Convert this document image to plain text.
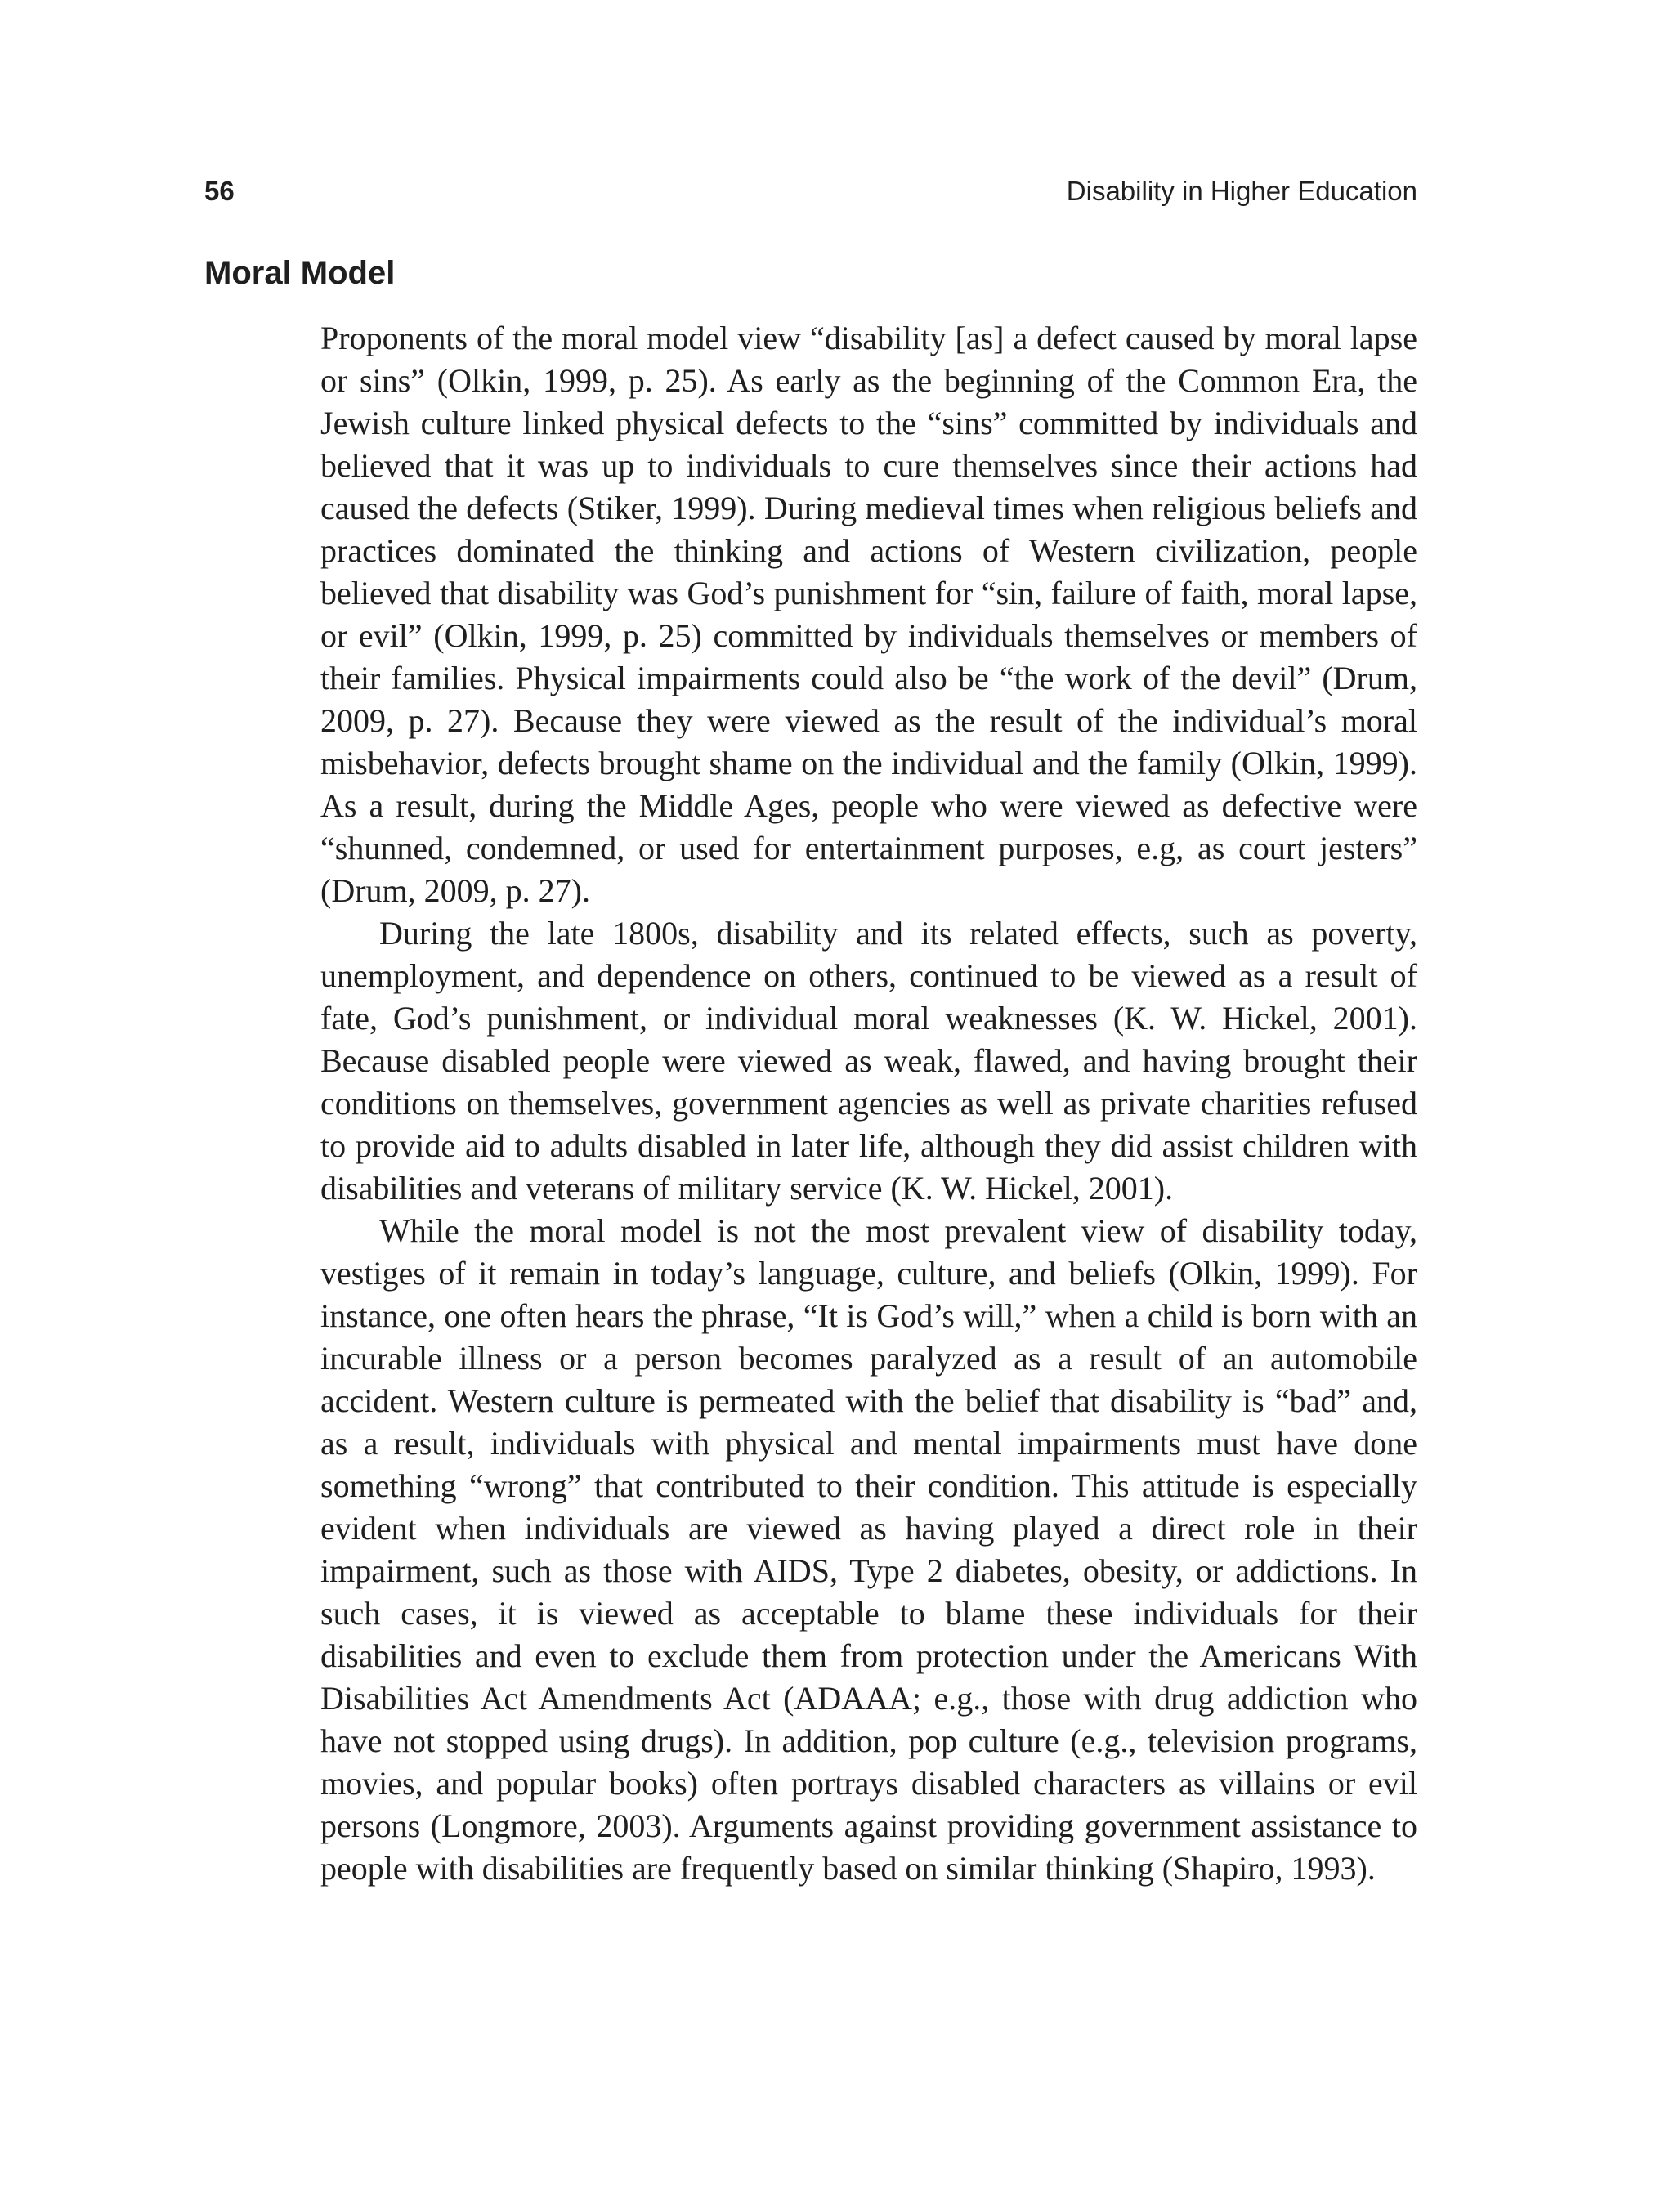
56	Disability in Higher Education
Moral Model

Proponents of the moral model view “disability [as] a defect caused by moral lapse or sins” (Olkin, 1999, p. 25). As early as the beginning of the Common Era, the Jewish culture linked physical defects to the “sins” committed by individuals and believed that it was up to individuals to cure themselves since their actions had caused the defects (Stiker, 1999). During medieval times when religious beliefs and practices dominated the thinking and actions of Western civilization, people believed that disability was God’s punishment for “sin, failure of faith, moral lapse, or evil” (Olkin, 1999, p. 25) committed by individuals themselves or members of their families. Physical impairments could also be “the work of the devil” (Drum, 2009, p. 27). Because they were viewed as the result of the individual’s moral misbehavior, defects brought shame on the individual and the family (Olkin, 1999). As a result, during the Middle Ages, people who were viewed as defective were “shunned, condemned, or used for entertainment purposes, e.g, as court jesters” (Drum, 2009, p. 27).

During the late 1800s, disability and its related effects, such as poverty, unemployment, and dependence on others, continued to be viewed as a result of fate, God’s punishment, or individual moral weaknesses (K. W. Hickel, 2001). Because disabled people were viewed as weak, flawed, and having brought their conditions on themselves, government agencies as well as private charities refused to provide aid to adults disabled in later life, although they did assist children with disabilities and veterans of military service (K. W. Hickel, 2001).

While the moral model is not the most prevalent view of disability today, vestiges of it remain in today’s language, culture, and beliefs (Olkin, 1999). For instance, one often hears the phrase, “It is God’s will,” when a child is born with an incurable illness or a person becomes paralyzed as a result of an automobile accident. Western culture is permeated with the belief that disability is “bad” and, as a result, individuals with physical and mental impairments must have done something “wrong” that contributed to their condition. This attitude is especially evident when individuals are viewed as having played a direct role in their impairment, such as those with AIDS, Type 2 diabetes, obesity, or addictions. In such cases, it is viewed as acceptable to blame these individuals for their disabilities and even to exclude them from protection under the Americans With Disabilities Act Amendments Act (ADAAA; e.g., those with drug addiction who have not stopped using drugs). In addition, pop culture (e.g., television programs, movies, and popular books) often portrays disabled characters as villains or evil persons (Longmore, 2003). Arguments against providing government assistance to people with disabilities are frequently based on similar thinking (Shapiro, 1993).
